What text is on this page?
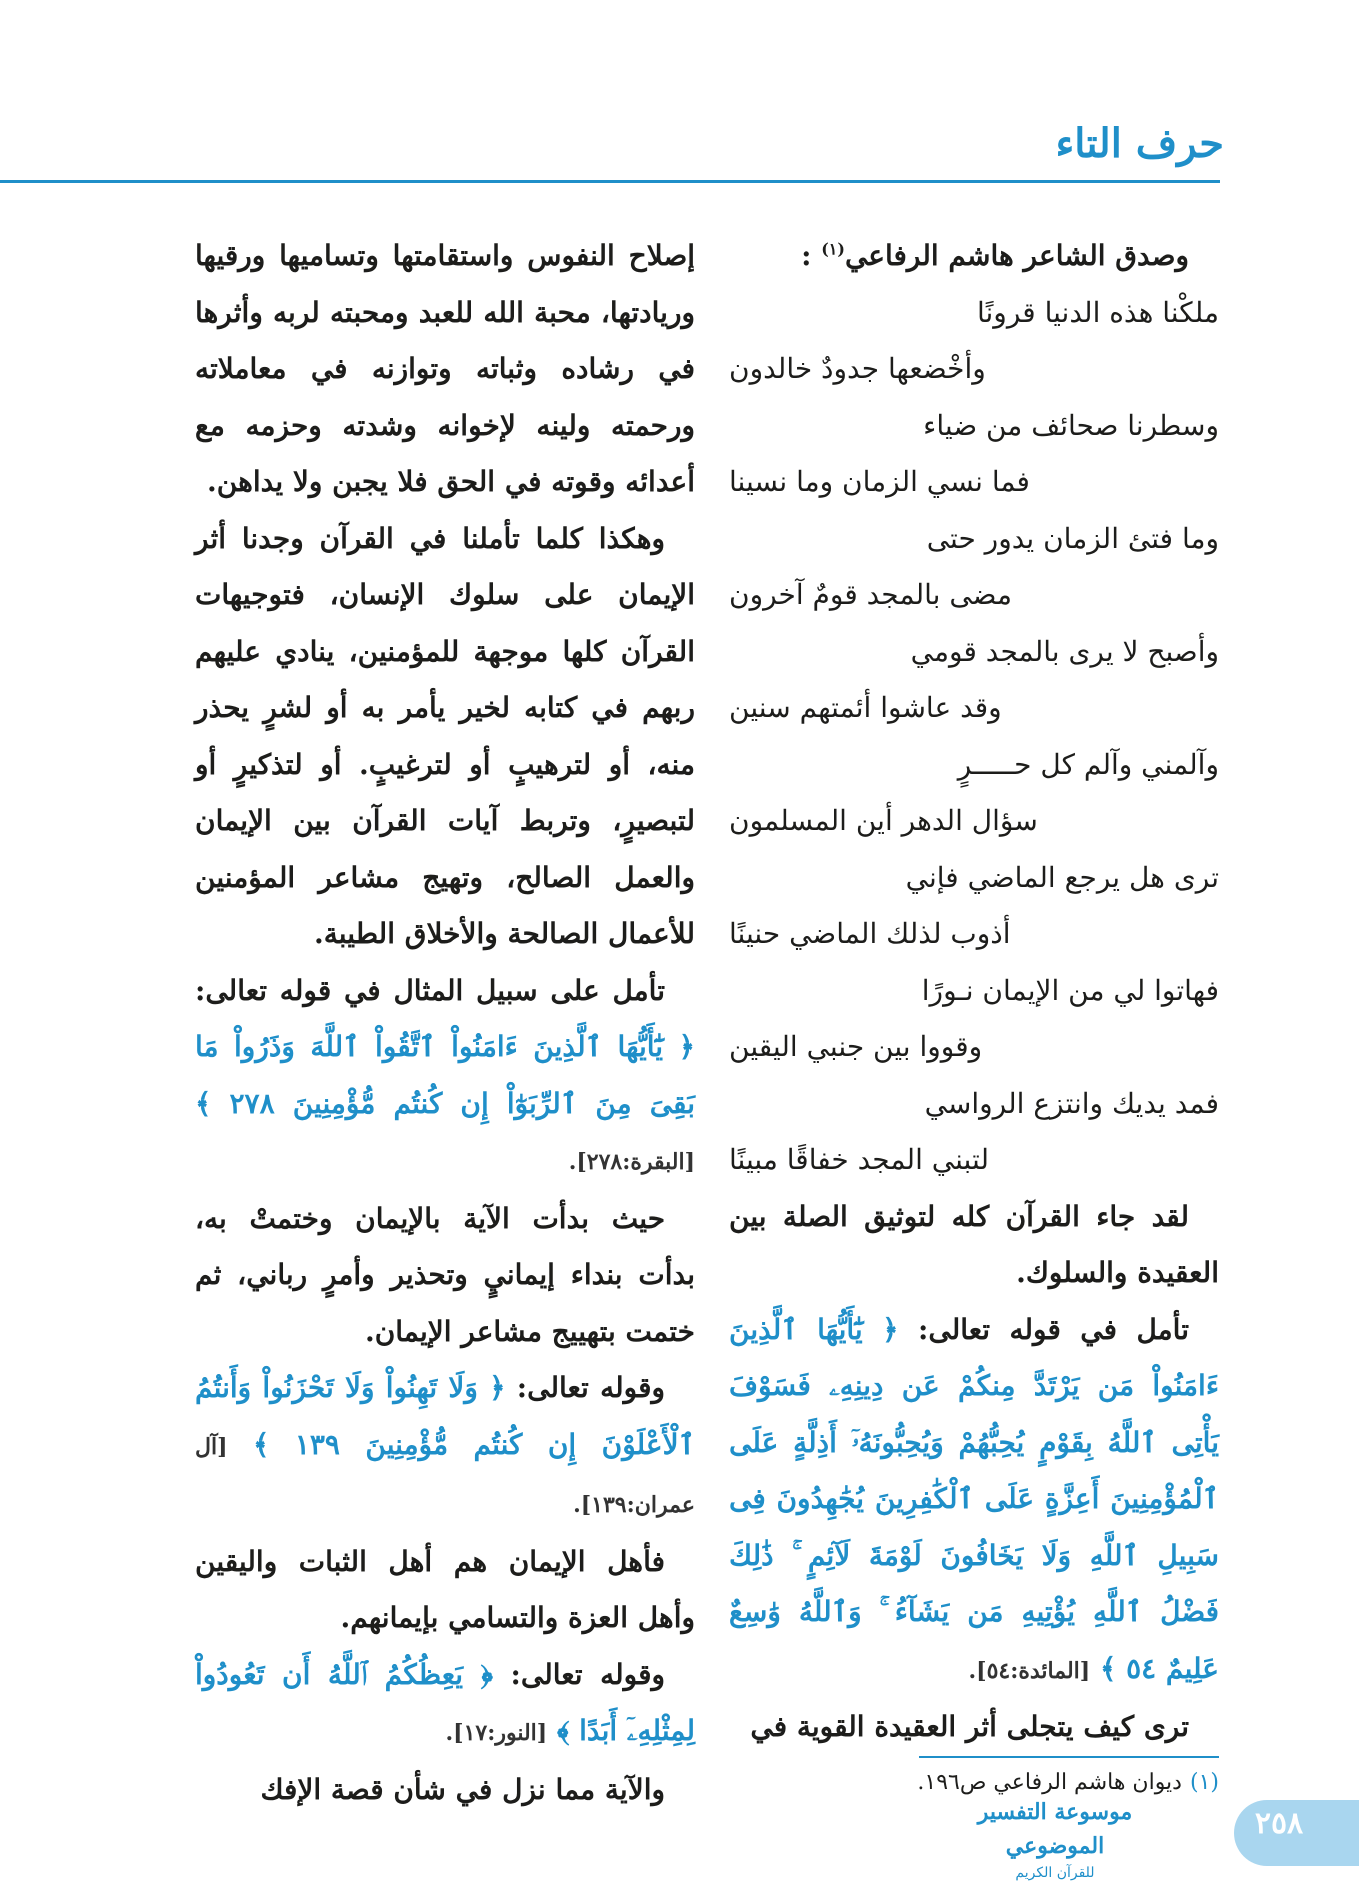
حرف التاء

وصدق الشاعر هاشم الرفاعي$^{(١)}$ :

ملكْنا هذه الدنيا قرونًا

وأخْضعها جدودٌ خالدون

وسطرنا صحائف من ضياء

فما نسي الزمان وما نسينا

وما فتئ الزمان يدور حتى

مضى بالمجد قومٌ آخرون

وأصبح لا يرى بالمجد قومي

وقد عاشوا أئمتهم سنين

وآلمني وآلم كل حـــــرٍ

سؤال الدهر أين المسلمون

ترى هل يرجع الماضي فإني

أذوب لذلك الماضي حنينًا

فهاتوا لي من الإيمان نـورًا

وقووا بين جنبي اليقين

فمد يديك وانتزع الرواسي

لتبني المجد خفاقًا مبينًا

لقد جاء القرآن كله لتوثيق الصلة بين العقيدة والسلوك.

تأمل في قوله تعالى: ﴿ يَٰٓأَيُّهَا ٱلَّذِينَ ءَامَنُواْ مَن يَرْتَدَّ مِنكُمْ عَن دِينِهِۦ فَسَوْفَ يَأْتِى ٱللَّهُ بِقَوْمٍ يُحِبُّهُمْ وَيُحِبُّونَهُۥٓ أَذِلَّةٍ عَلَى ٱلْمُؤْمِنِينَ أَعِزَّةٍ عَلَى ٱلْكَٰفِرِينَ يُجَٰهِدُونَ فِى سَبِيلِ ٱللَّهِ وَلَا يَخَافُونَ لَوْمَةَ لَآئِمٍ ۚ ذَٰلِكَ فَضْلُ ٱللَّهِ يُؤْتِيهِ مَن يَشَآءُ ۚ وَٱللَّهُ وَٰسِعٌ عَلِيمٌ ٥٤ ﴾ [المائدة:٥٤].

ترى كيف يتجلى أثر العقيدة القوية في

إصلاح النفوس واستقامتها وتساميها ورقيها وريادتها، محبة الله للعبد ومحبته لربه وأثرها في رشاده وثباته وتوازنه في معاملاته ورحمته ولينه لإخوانه وشدته وحزمه مع أعدائه وقوته في الحق فلا يجبن ولا يداهن.

وهكذا كلما تأملنا في القرآن وجدنا أثر الإيمان على سلوك الإنسان، فتوجيهات القرآن كلها موجهة للمؤمنين، ينادي عليهم ربهم في كتابه لخير يأمر به أو لشرٍ يحذر منه، أو لترهيبٍ أو لترغيبٍ. أو لتذكيرٍ أو لتبصيرٍ، وتربط آيات القرآن بين الإيمان والعمل الصالح، وتهيج مشاعر المؤمنين للأعمال الصالحة والأخلاق الطيبة.

تأمل على سبيل المثال في قوله تعالى: ﴿ يَٰٓأَيُّهَا ٱلَّذِينَ ءَامَنُواْ ٱتَّقُواْ ٱللَّهَ وَذَرُواْ مَا بَقِىَ مِنَ ٱلرِّبَوٰٓاْ إِن كُنتُم مُّؤْمِنِينَ ٢٧٨ ﴾ [البقرة:٢٧٨].

حيث بدأت الآية بالإيمان وختمتْ به، بدأت بنداء إيمانيٍ وتحذير وأمرٍ رباني، ثم ختمت بتهييج مشاعر الإيمان.

وقوله تعالى: ﴿ وَلَا تَهِنُواْ وَلَا تَحْزَنُواْ وَأَنتُمُ ٱلْأَعْلَوْنَ إِن كُنتُم مُّؤْمِنِينَ ١٣٩ ﴾ [آل عمران:١٣٩].

فأهل الإيمان هم أهل الثبات واليقين وأهل العزة والتسامي بإيمانهم.

وقوله تعالى: ﴿ يَعِظُكُمُ ٱللَّهُ أَن تَعُودُواْ لِمِثْلِهِۦٓ أَبَدًا ﴾ [النور:١٧].

والآية مما نزل في شأن قصة الإفك	(١)ديوان هاشم الرفاعي ص١٩٦.
٢٥٨
موسوعة التفسير الموضوعي
للقرآن الكريم
